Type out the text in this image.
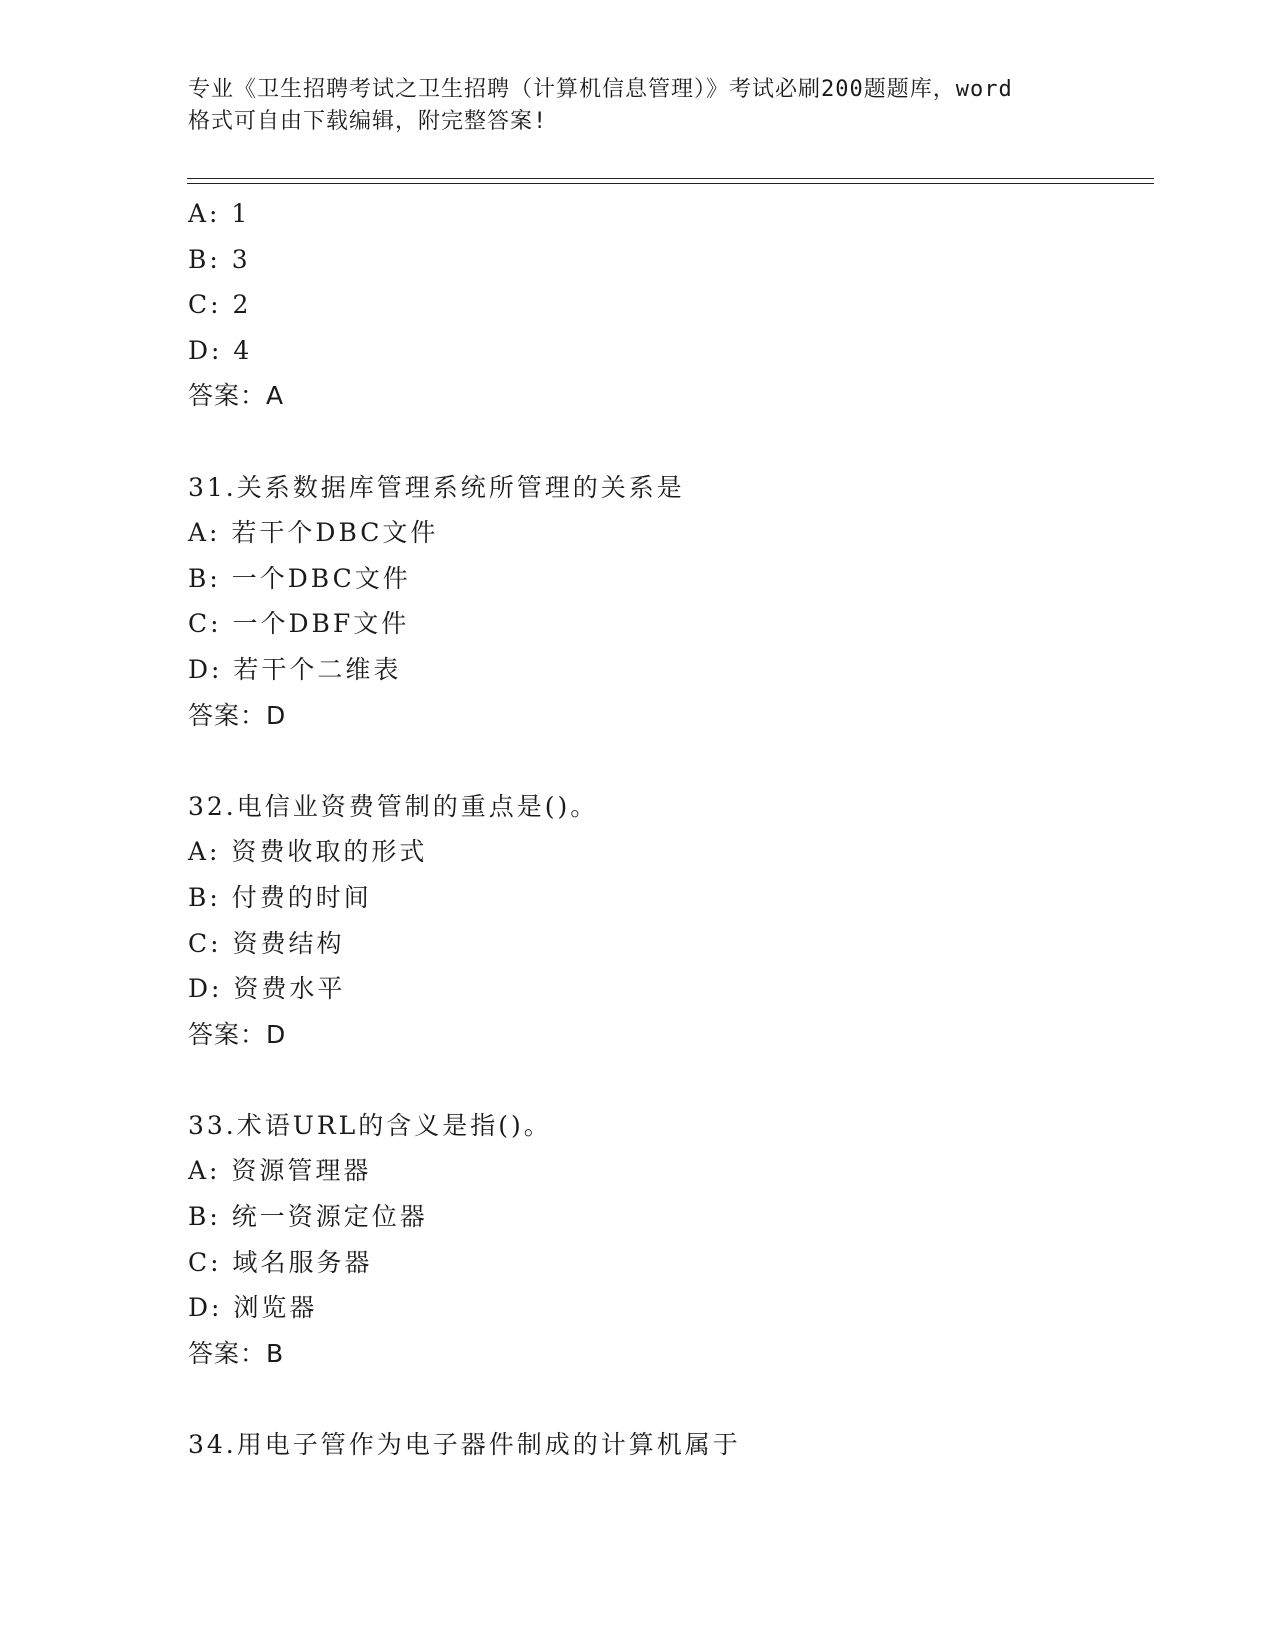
专业《卫生招聘考试之卫生招聘（计算机信息管理）》考试必刷200题题库，word
格式可自由下载编辑，附完整答案!
A: 1
B: 3
C: 2
D: 4
答案：A
31.关系数据库管理系统所管理的关系是
A: 若干个DBC文件
B: 一个DBC文件
C: 一个DBF文件
D: 若干个二维表
答案：D
32.电信业资费管制的重点是()。
A: 资费收取的形式
B: 付费的时间
C: 资费结构
D: 资费水平
答案：D
33.术语URL的含义是指()。
A: 资源管理器
B: 统一资源定位器
C: 域名服务器
D: 浏览器
答案：B
34.用电子管作为电子器件制成的计算机属于
